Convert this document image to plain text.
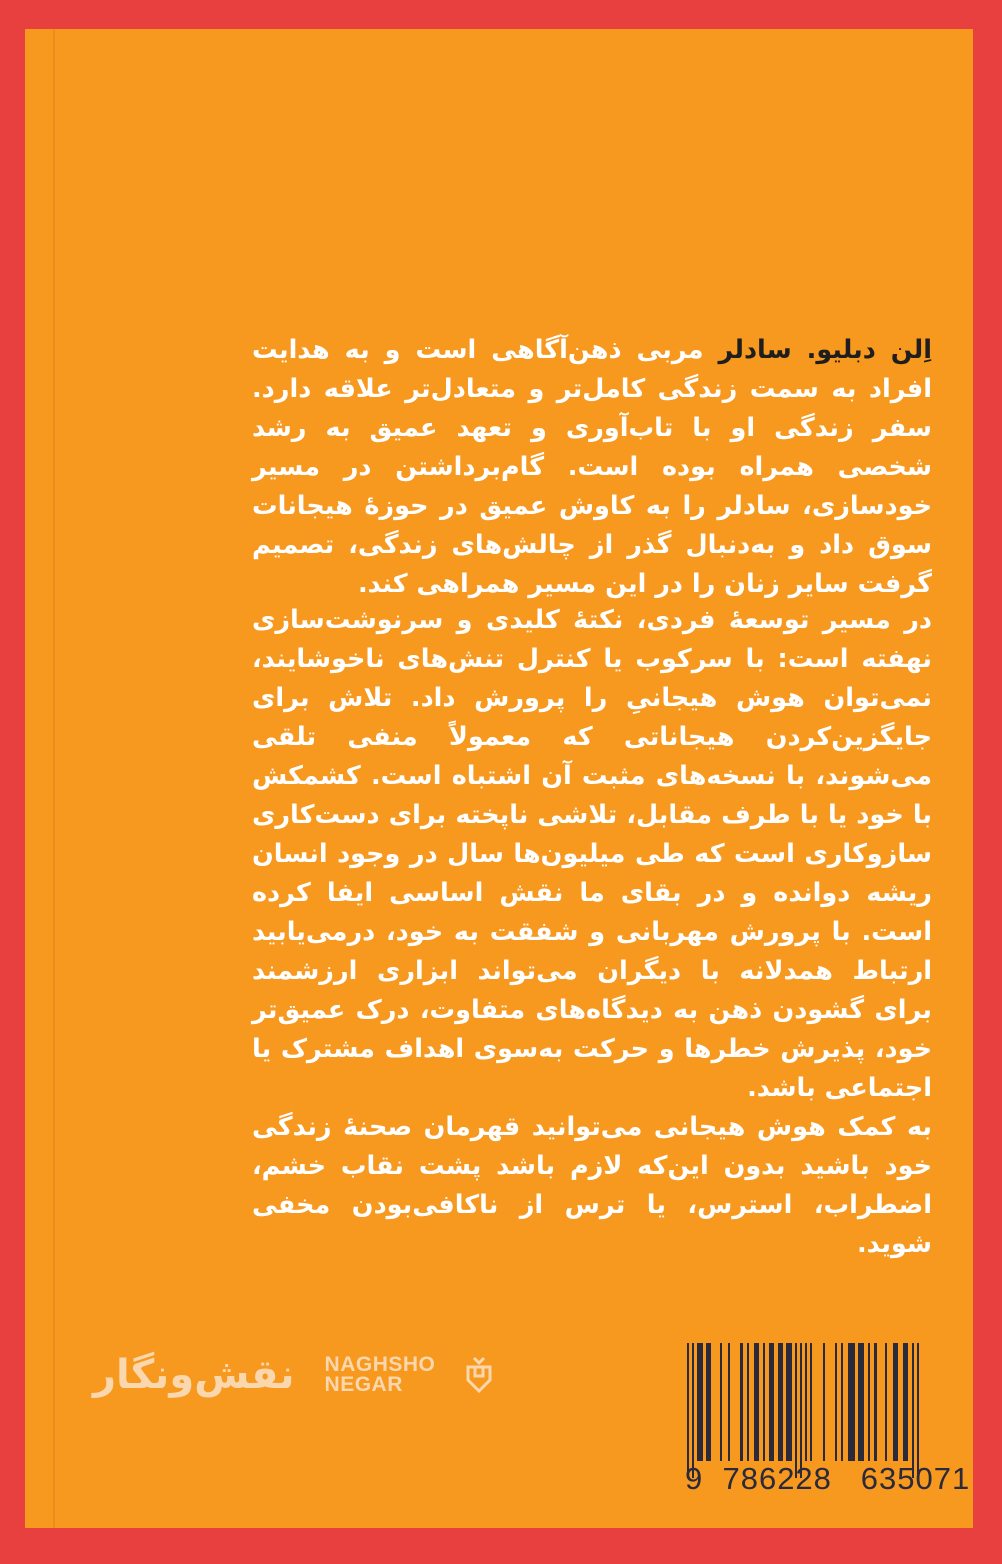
اِلن دبلیو. سادلر مربی ذهن‌آگاهی است و به هدایت افراد به سمت زندگی کامل‌تر و متعادل‌تر علاقه دارد. سفر زندگی او با تاب‌آوری و تعهد عمیق به رشد شخصی همراه بوده است. گام‌برداشتن در مسیر خودسازی، سادلر را به کاوش عمیق در حوزهٔ هیجانات سوق داد و به‌دنبال گذر از چالش‌های زندگی، تصمیم گرفت سایر زنان را در این مسیر همراهی کند.

در مسیر توسعهٔ فردی، نکتهٔ کلیدی و سرنوشت‌سازی نهفته است: با سرکوب یا کنترل تنش‌های ناخوشایند، نمی‌توان هوش هیجانیِ را پرورش داد. تلاش برای جایگزین‌کردن هیجاناتی که معمولاً منفی تلقی می‌شوند، با نسخه‌های مثبت آن اشتباه است. کشمکش با خود یا با طرف مقابل، تلاشی ناپخته برای دست‌کاری سازوکاری است که طی میلیون‌ها سال در وجود انسان ریشه دوانده و در بقای ما نقش اساسی ایفا کرده است. با پرورش مهربانی و شفقت به خود، درمی‌یابید ارتباط همدلانه با دیگران می‌تواند ابزاری ارزشمند برای گشودن ذهن به دیدگاه‌های متفاوت، درک عمیق‌تر خود، پذیرش خطرها و حرکت به‌سوی اهداف مشترک یا اجتماعی باشد.
به کمک هوش هیجانی می‌توانید قهرمان صحنهٔ زندگی خود باشید بدون این‌که لازم باشد پشت نقاب خشم، اضطراب، استرس، یا ترس از ناکافی‌بودن مخفی شوید.
نقش‌ونگار NAGHSHO
NEGAR
9  786228   635071
